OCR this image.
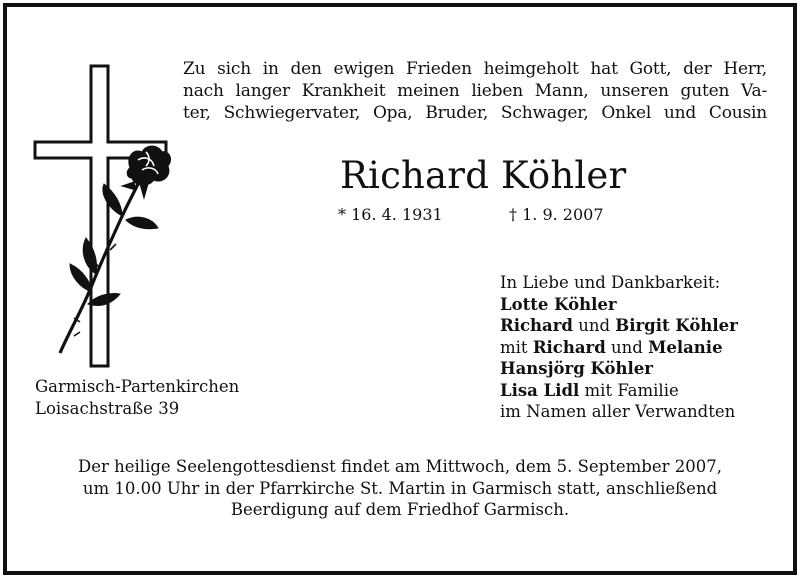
Zu sich in den ewigen Frieden heimgeholt hat Gott, der Herr,
nach langer Krankheit meinen lieben Mann, unseren guten Va-
ter, Schwiegervater, Opa, Bruder, Schwager, Onkel und Cousin
Richard Köhler
* 16. 4. 1931	† 1. 9. 2007
In Liebe und Dankbarkeit:
Lotte Köhler
Richard und Birgit Köhler
mit Richard und Melanie
Hansjörg Köhler
Lisa Lidl mit Familie
im Namen aller Verwandten
Garmisch-Partenkirchen
Loisachstraße 39
Der heilige Seelengottesdienst findet am Mittwoch, dem 5. September 2007,
um 10.00 Uhr in der Pfarrkirche St. Martin in Garmisch statt, anschließend
Beerdigung auf dem Friedhof Garmisch.
